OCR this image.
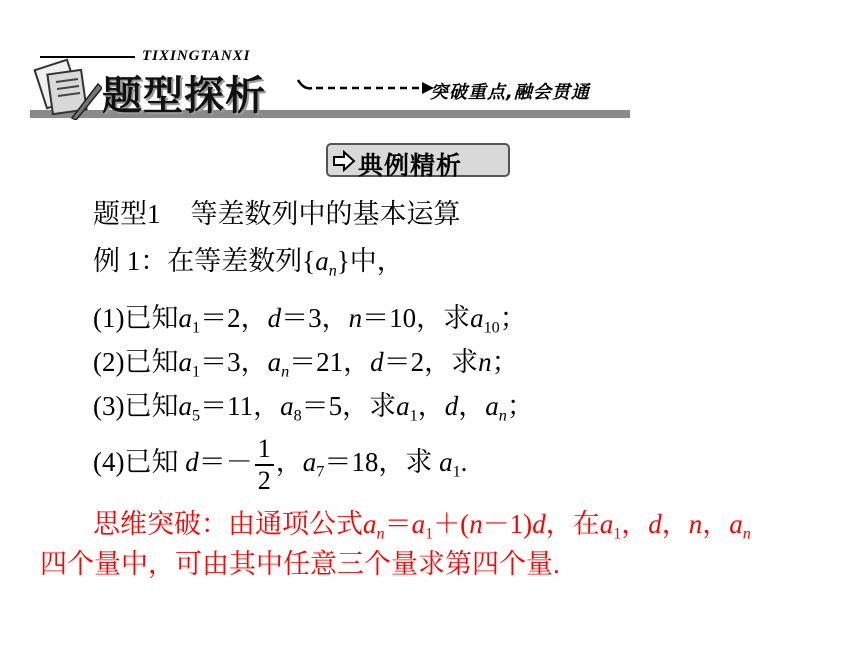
TIXINGTANXI
题型探析	突破重点,融会贯通
典例精析
题型1 等差数列中的基本运算
例 1：在等差数列$\{a_n\}$中，
(1)已知$a_1=2$，d＝3，n＝10，求$a_{10}$；
(2)已知$a_1=3$，$a_n=21$，d＝2，求n；
(3)已知$a_5=11$，$a_8=5$，求$a_1$，d，$a_n$；
(4)已知 $d=- \frac{1}{2}$ ，$a_7=18$，求 $a_1$.
思维突破：由通项公式$a_n=a_1+(n-1)d$，在$a_1$，d，n，$a_n$
四个量中，可由其中任意三个量求第四个量.
